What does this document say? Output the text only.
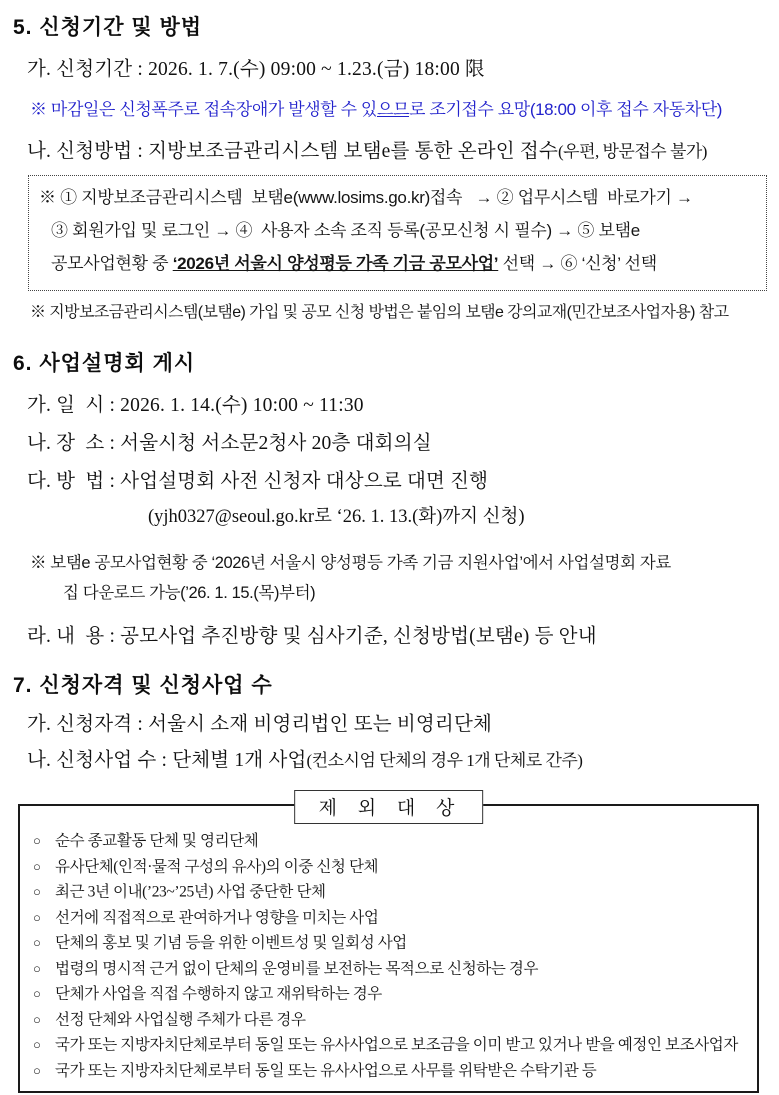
5. 신청기간 및 방법
가. 신청기간 : 2026. 1. 7.(수) 09:00 ~ 1.23.(금) 18:00 限
※ 마감일은 신청폭주로 접속장애가 발생할 수 있으므로 조기접수 요망(18:00 이후 접수 자동차단)
나. 신청방법 : 지방보조금관리시스템 보탬e를 통한 온라인 접수(우편, 방문접수 불가)
※ ① 지방보조금관리시스템  보탬e(www.losims.go.kr)접속   → ② 업무시스템  바로가기 →
③ 회원가입 및 로그인 → ④  사용자 소속 조직 등록(공모신청 시 필수) → ⑤ 보탬e
공모사업현황 중 ‘2026년 서울시 양성평등 가족 기금 공모사업’ 선택 → ⑥ ‘신청’ 선택
※ 지방보조금관리시스템(보탬e) 가입 및 공모 신청 방법은 붙임의 보탬e 강의교재(민간보조사업자용) 참고
6. 사업설명회 게시
가. 일  시 : 2026. 1. 14.(수) 10:00 ~ 11:30
나. 장  소 : 서울시청 서소문2청사 20층 대회의실
다. 방  법 : 사업설명회 사전 신청자 대상으로 대면 진행
(yjh0327@seoul.go.kr로 ‘26. 1. 13.(화)까지 신청)
※ 보탬e 공모사업현황 중 ‘2026년 서울시 양성평등 가족 기금 지원사업’에서 사업설명회 자료
집 다운로드 가능(’26. 1. 15.(목)부터)
라. 내  용 : 공모사업 추진방향 및 심사기준, 신청방법(보탬e) 등 안내
7. 신청자격 및 신청사업 수
가. 신청자격 : 서울시 소재 비영리법인 또는 비영리단체
나. 신청사업 수 : 단체별 1개 사업(컨소시엄 단체의 경우 1개 단체로 간주)
제 외 대 상
○ 순수 종교활동 단체 및 영리단체
○ 유사단체(인적·물적 구성의 유사)의 이중 신청 단체
○ 최근 3년 이내(’23~’25년) 사업 중단한 단체
○ 선거에 직접적으로 관여하거나 영향을 미치는 사업
○ 단체의 홍보 및 기념 등을 위한 이벤트성 및 일회성 사업
○ 법령의 명시적 근거 없이 단체의 운영비를 보전하는 목적으로 신청하는 경우
○ 단체가 사업을 직접 수행하지 않고 재위탁하는 경우
○ 선정 단체와 사업실행 주체가 다른 경우
○ 국가 또는 지방자치단체로부터 동일 또는 유사사업으로 보조금을 이미 받고 있거나 받을 예정인 보조사업자
○ 국가 또는 지방자치단체로부터 동일 또는 유사사업으로 사무를 위탁받은 수탁기관 등
